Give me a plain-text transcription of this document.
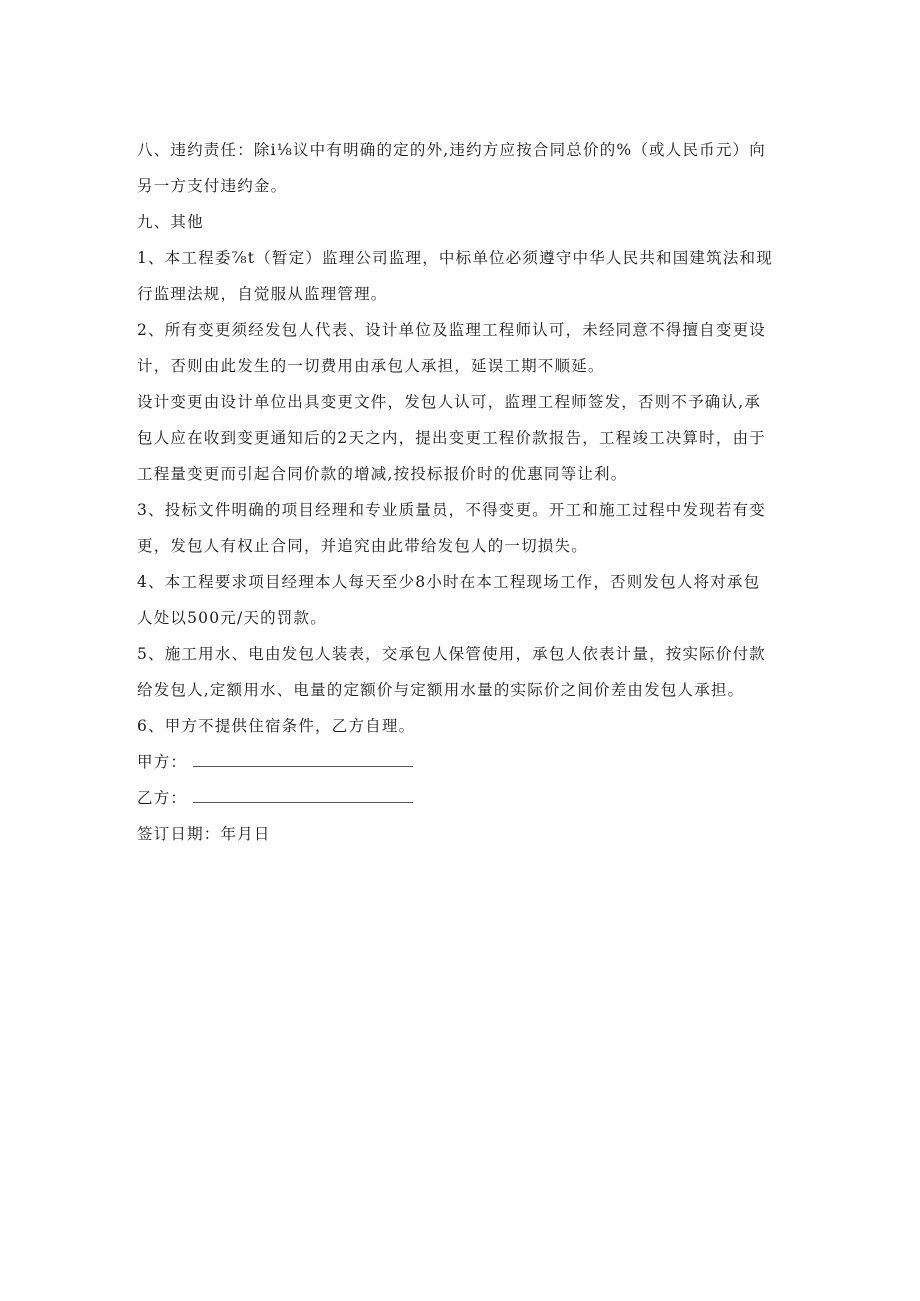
八、违约责任：除i⅛议中有明确的定的外,违约方应按合同总价的%（或人民币元）向
另一方支付违约金。
九、其他
1、本工程委⅞t（暂定）监理公司监理，中标单位必须遵守中华人民共和国建筑法和现
行监理法规，自觉服从监理管理。
2、所有变更须经发包人代表、设计单位及监理工程师认可，未经同意不得擅自变更设
计，否则由此发生的一切费用由承包人承担，延误工期不顺延。
设计变更由设计单位出具变更文件，发包人认可，监理工程师签发，否则不予确认,承
包人应在收到变更通知后的2天之内，提出变更工程价款报告，工程竣工决算时，由于
工程量变更而引起合同价款的增减,按投标报价时的优惠同等让利。
3、投标文件明确的项目经理和专业质量员，不得变更。开工和施工过程中发现若有变
更，发包人有权止合同，并追究由此带给发包人的一切损失。
4、本工程要求项目经理本人每天至少8小时在本工程现场工作，否则发包人将对承包
人处以500元/天的罚款。
5、施工用水、电由发包人装表，交承包人保管使用，承包人依表计量，按实际价付款
给发包人,定额用水、电量的定额价与定额用水量的实际价之间价差由发包人承担。
6、甲方不提供住宿条件，乙方自理。
甲方：
乙方：
签订日期：年月日
